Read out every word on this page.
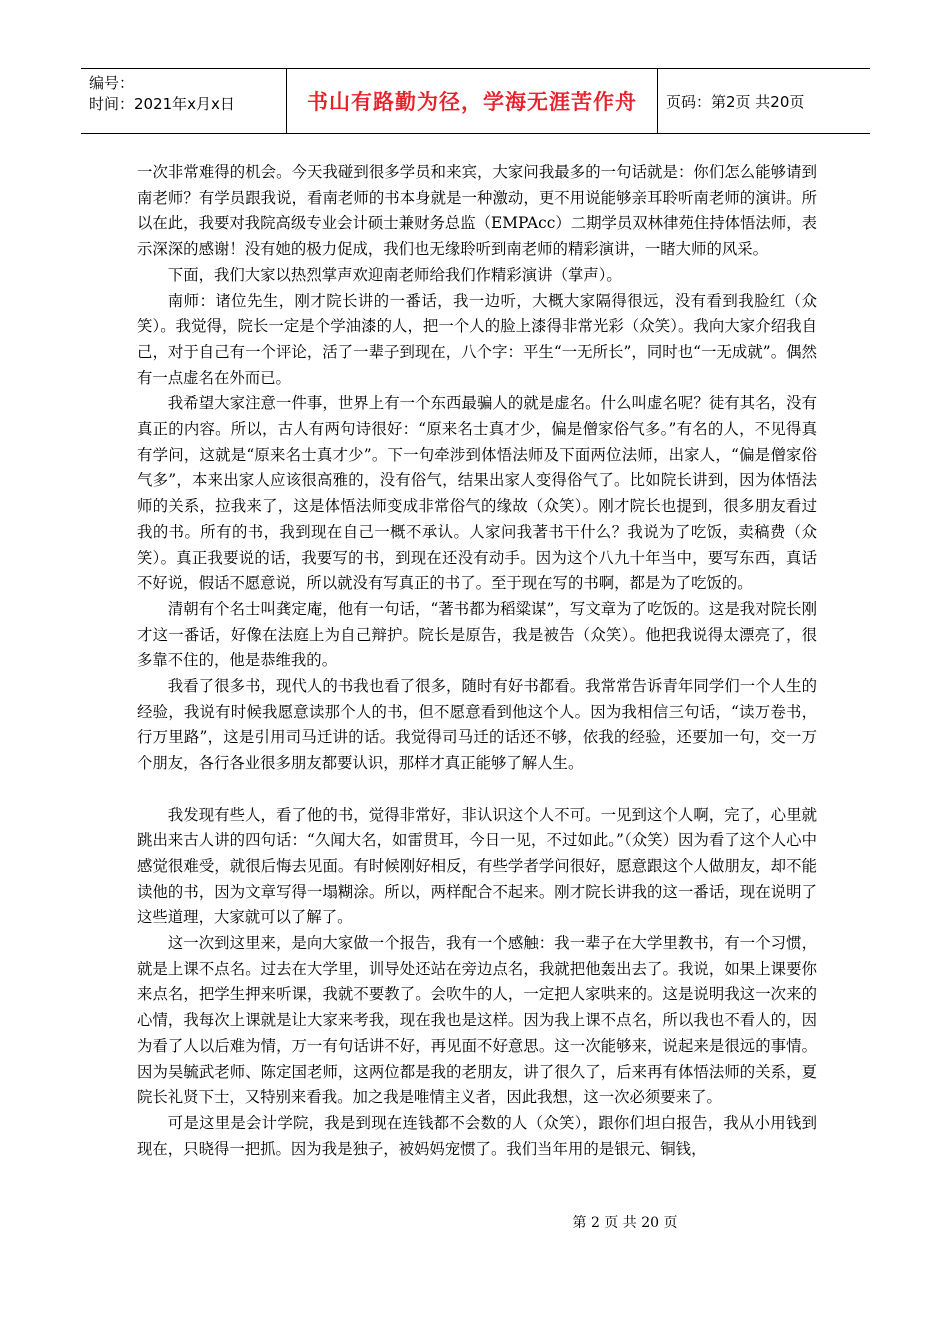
编号：
时间：2021年x月x日	书山有路勤为径，学海无涯苦作舟	页码：第2页 共20页

一次非常难得的机会。今天我碰到很多学员和来宾，大家问我最多的一句话就是：你们怎么能够请到南老师？有学员跟我说，看南老师的书本身就是一种激动，更不用说能够亲耳聆听南老师的演讲。所以在此，我要对我院高级专业会计硕士兼财务总监（EMPAcc）二期学员双林律苑住持体悟法师，表示深深的感谢！没有她的极力促成，我们也无缘聆听到南老师的精彩演讲，一睹大师的风采。

下面，我们大家以热烈掌声欢迎南老师给我们作精彩演讲（掌声）。

南师：诸位先生，刚才院长讲的一番话，我一边听，大概大家隔得很远，没有看到我脸红（众笑）。我觉得，院长一定是个学油漆的人，把一个人的脸上漆得非常光彩（众笑）。我向大家介绍我自己，对于自己有一个评论，活了一辈子到现在，八个字：平生“一无所长”，同时也“一无成就”。偶然有一点虚名在外而已。

我希望大家注意一件事，世界上有一个东西最骗人的就是虚名。什么叫虚名呢？徒有其名，没有真正的内容。所以，古人有两句诗很好：“原来名士真才少，偏是僧家俗气多。”有名的人，不见得真有学问，这就是“原来名士真才少”。下一句牵涉到体悟法师及下面两位法师，出家人，“偏是僧家俗气多”，本来出家人应该很高雅的，没有俗气，结果出家人变得俗气了。比如院长讲到，因为体悟法师的关系，拉我来了，这是体悟法师变成非常俗气的缘故（众笑）。刚才院长也提到，很多朋友看过我的书。所有的书，我到现在自己一概不承认。人家问我著书干什么？我说为了吃饭，卖稿费（众笑）。真正我要说的话，我要写的书，到现在还没有动手。因为这个八九十年当中，要写东西，真话不好说，假话不愿意说，所以就没有写真正的书了。至于现在写的书啊，都是为了吃饭的。

清朝有个名士叫龚定庵，他有一句话，“著书都为稻粱谋”，写文章为了吃饭的。这是我对院长刚才这一番话，好像在法庭上为自己辩护。院长是原告，我是被告（众笑）。他把我说得太漂亮了，很多靠不住的，他是恭维我的。

我看了很多书，现代人的书我也看了很多，随时有好书都看。我常常告诉青年同学们一个人生的经验，我说有时候我愿意读那个人的书，但不愿意看到他这个人。因为我相信三句话，“读万卷书，行万里路”，这是引用司马迁讲的话。我觉得司马迁的话还不够，依我的经验，还要加一句，交一万个朋友，各行各业很多朋友都要认识，那样才真正能够了解人生。

我发现有些人，看了他的书，觉得非常好，非认识这个人不可。一见到这个人啊，完了，心里就跳出来古人讲的四句话：“久闻大名，如雷贯耳，今日一见，不过如此。”（众笑）因为看了这个人心中感觉很难受，就很后悔去见面。有时候刚好相反，有些学者学问很好，愿意跟这个人做朋友，却不能读他的书，因为文章写得一塌糊涂。所以，两样配合不起来。刚才院长讲我的这一番话，现在说明了这些道理，大家就可以了解了。

这一次到这里来，是向大家做一个报告，我有一个感触：我一辈子在大学里教书，有一个习惯，就是上课不点名。过去在大学里，训导处还站在旁边点名，我就把他轰出去了。我说，如果上课要你来点名，把学生押来听课，我就不要教了。会吹牛的人，一定把人家哄来的。这是说明我这一次来的心情，我每次上课就是让大家来考我，现在我也是这样。因为我上课不点名，所以我也不看人的，因为看了人以后难为情，万一有句话讲不好，再见面不好意思。这一次能够来，说起来是很远的事情。因为吴毓武老师、陈定国老师，这两位都是我的老朋友，讲了很久了，后来再有体悟法师的关系，夏院长礼贤下士，又特别来看我。加之我是唯情主义者，因此我想，这一次必须要来了。

可是这里是会计学院，我是到现在连钱都不会数的人（众笑），跟你们坦白报告，我从小用钱到现在，只晓得一把抓。因为我是独子，被妈妈宠惯了。我们当年用的是银元、铜钱，

第 2 页 共 20 页
